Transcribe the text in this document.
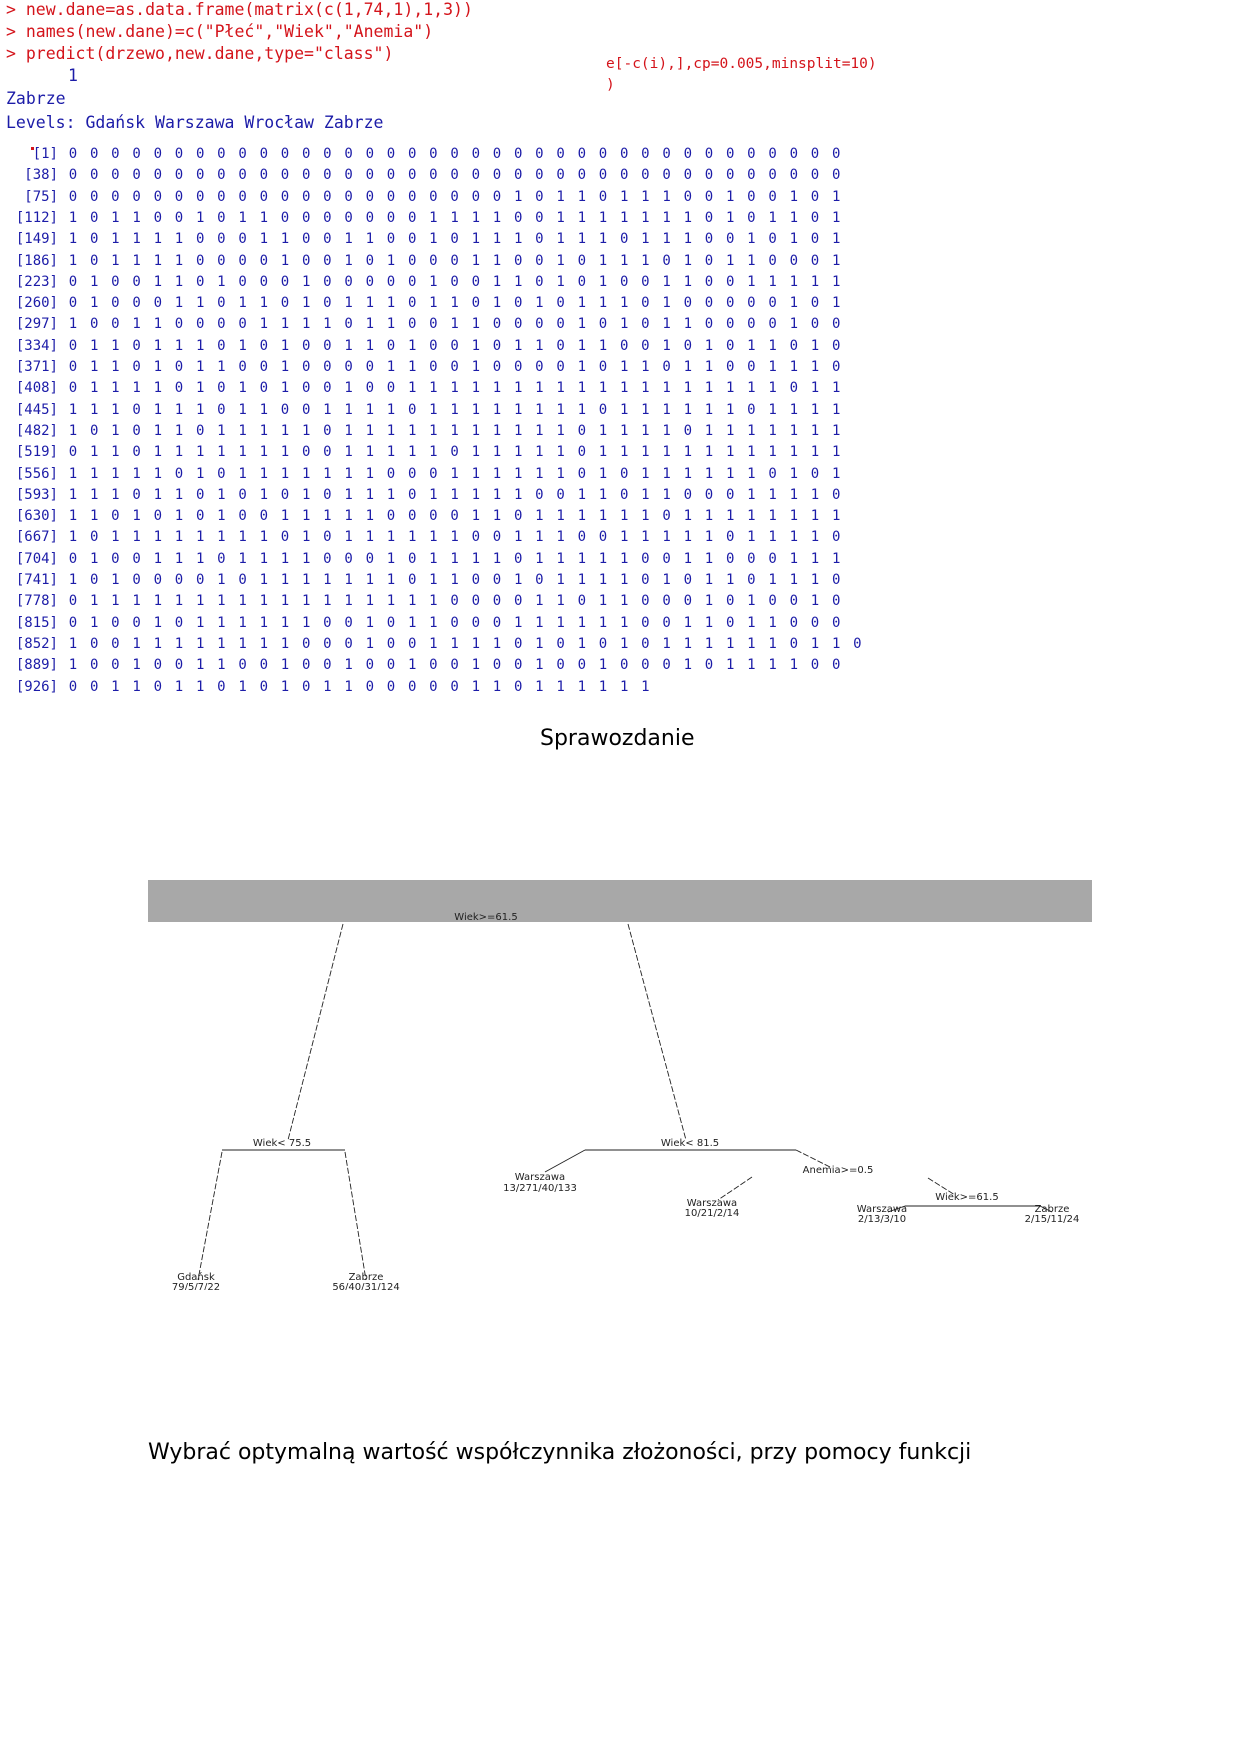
> new.dane=as.data.frame(matrix(c(1,74,1),1,3))
> names(new.dane)=c("Płeć","Wiek","Anemia")
> predict(drzewo,new.dane,type="class")
e[-c(i),],cp=0.005,minsplit=10)
)
1
Zabrze
Levels: Gdańsk Warszawa Wrocław Zabrze
[1] 0 0 0 0 0 0 0 0 0 0 0 0 0 0 0 0 0 0 0 0 0 0 0 0 0 0 0 0 0 0 0 0 0 0 0 0 0
[38] 0 0 0 0 0 0 0 0 0 0 0 0 0 0 0 0 0 0 0 0 0 0 0 0 0 0 0 0 0 0 0 0 0 0 0 0 0
[75] 0 0 0 0 0 0 0 0 0 0 0 0 0 0 0 0 0 0 0 0 0 1 0 1 1 0 1 1 1 0 0 1 0 0 1 0 1
[112] 1 0 1 1 0 0 1 0 1 1 0 0 0 0 0 0 0 1 1 1 1 0 0 1 1 1 1 1 1 1 0 1 0 1 1 0 1
[149] 1 0 1 1 1 1 0 0 0 1 1 0 0 1 1 0 0 1 0 1 1 1 0 1 1 1 0 1 1 1 0 0 1 0 1 0 1
[186] 1 0 1 1 1 1 0 0 0 0 1 0 0 1 0 1 0 0 0 1 1 0 0 1 0 1 1 1 0 1 0 1 1 0 0 0 1
[223] 0 1 0 0 1 1 0 1 0 0 0 1 0 0 0 0 0 1 0 0 1 1 0 1 0 1 0 0 1 1 0 0 1 1 1 1 1
[260] 0 1 0 0 0 1 1 0 1 1 0 1 0 1 1 1 0 1 1 0 1 0 1 0 1 1 1 0 1 0 0 0 0 0 1 0 1
[297] 1 0 0 1 1 0 0 0 0 1 1 1 1 0 1 1 0 0 1 1 0 0 0 0 1 0 1 0 1 1 0 0 0 0 1 0 0
[334] 0 1 1 0 1 1 1 0 1 0 1 0 0 1 1 0 1 0 0 1 0 1 1 0 1 1 0 0 1 0 1 0 1 1 0 1 0
[371] 0 1 1 0 1 0 1 1 0 0 1 0 0 0 0 1 1 0 0 1 0 0 0 0 1 0 1 1 0 1 1 0 0 1 1 1 0
[408] 0 1 1 1 1 0 1 0 1 0 1 0 0 1 0 0 1 1 1 1 1 1 1 1 1 1 1 1 1 1 1 1 1 1 0 1 1
[445] 1 1 1 0 1 1 1 0 1 1 0 0 1 1 1 1 0 1 1 1 1 1 1 1 1 0 1 1 1 1 1 1 0 1 1 1 1
[482] 1 0 1 0 1 1 0 1 1 1 1 1 0 1 1 1 1 1 1 1 1 1 1 1 0 1 1 1 1 0 1 1 1 1 1 1 1
[519] 0 1 1 0 1 1 1 1 1 1 1 0 0 1 1 1 1 1 0 1 1 1 1 1 0 1 1 1 1 1 1 1 1 1 1 1 1
[556] 1 1 1 1 1 0 1 0 1 1 1 1 1 1 1 0 0 0 1 1 1 1 1 1 0 1 0 1 1 1 1 1 1 0 1 0 1
[593] 1 1 1 0 1 1 0 1 0 1 0 1 0 1 1 1 0 1 1 1 1 1 0 0 1 1 0 1 1 0 0 0 1 1 1 1 0
[630] 1 1 0 1 0 1 0 1 0 0 1 1 1 1 1 0 0 0 0 1 1 0 1 1 1 1 1 1 0 1 1 1 1 1 1 1 1
[667] 1 0 1 1 1 1 1 1 1 1 0 1 0 1 1 1 1 1 1 0 0 1 1 1 0 0 1 1 1 1 1 0 1 1 1 1 0
[704] 0 1 0 0 1 1 1 0 1 1 1 1 0 0 0 1 0 1 1 1 1 0 1 1 1 1 1 0 0 1 1 0 0 0 1 1 1
[741] 1 0 1 0 0 0 0 1 0 1 1 1 1 1 1 1 0 1 1 0 0 1 0 1 1 1 1 0 1 0 1 1 0 1 1 1 0
[778] 0 1 1 1 1 1 1 1 1 1 1 1 1 1 1 1 1 1 0 0 0 0 1 1 0 1 1 0 0 0 1 0 1 0 0 1 0
[815] 0 1 0 0 1 0 1 1 1 1 1 1 0 0 1 0 1 1 0 0 0 1 1 1 1 1 1 0 0 1 1 0 1 1 0 0 0
[852] 1 0 0 1 1 1 1 1 1 1 1 0 0 0 1 0 0 1 1 1 1 0 1 0 1 0 1 0 1 1 1 1 1 1 0 1 1 0
[889] 1 0 0 1 0 0 1 1 0 0 1 0 0 1 0 0 1 0 0 1 0 0 1 0 0 1 0 0 0 1 0 1 1 1 1 0 0
[926] 0 0 1 1 0 1 1 0 1 0 1 0 1 1 0 0 0 0 0 1 1 0 1 1 1 1 1 1
Sprawozdanie
Wiek>=61.5
Wiek< 75.5
Gdańsk
79/5/7/22
Zabrze
56/40/31/124
Wiek< 81.5
Warszawa
13/271/40/133
Anemia>=0.5
Warszawa
10/21/2/14
Wiek>=61.5
Warszawa
2/13/3/10
Zabrze
2/15/11/24
Wybrać optymalną wartość współczynnika złożoności, przy pomocy funkcji
